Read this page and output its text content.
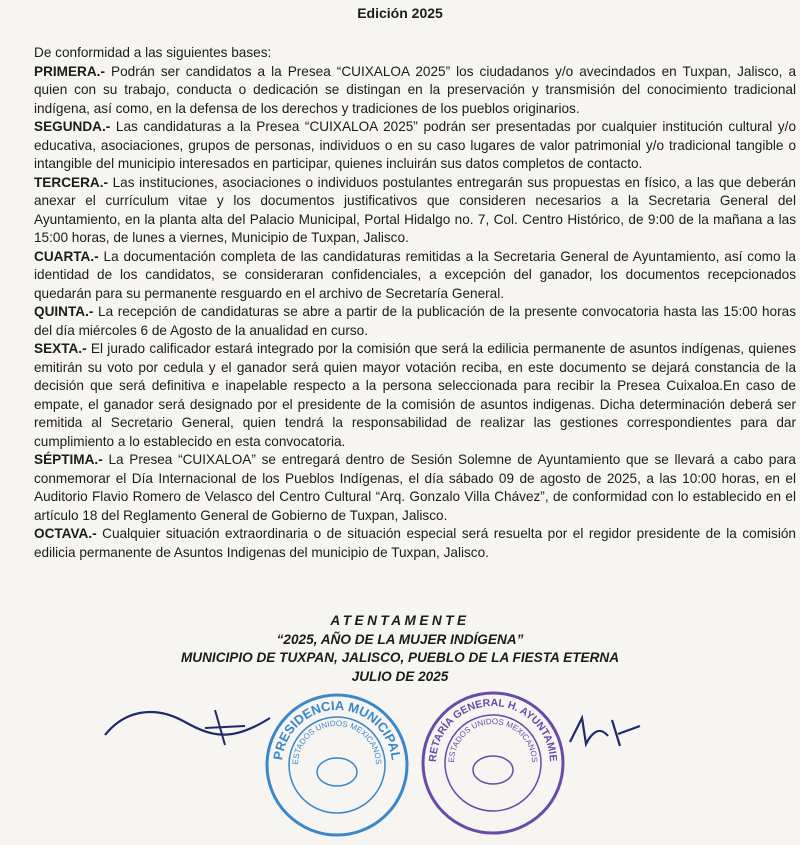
Edición 2025

De conformidad a las siguientes bases:

PRIMERA.- Podrán ser candidatos a la Presea “CUIXALOA 2025” los ciudadanos y/o avecindados en Tuxpan, Jalisco, a quien con su trabajo, conducta o dedicación se distingan en la preservación y transmisión del conocimiento tradicional indígena, así como, en la defensa de los derechos y tradiciones de los pueblos originarios.

SEGUNDA.- Las candidaturas a la Presea “CUIXALOA 2025” podrán ser presentadas por cualquier institución cultural y/o educativa, asociaciones, grupos de personas, individuos o en su caso lugares de valor patrimonial y/o tradicional tangible o intangible del municipio interesados en participar, quienes incluirán sus datos completos de contacto.

TERCERA.- Las instituciones, asociaciones o individuos postulantes entregarán sus propuestas en físico, a las que deberán anexar el currículum vitae y los documentos justificativos que consideren necesarios a la Secretaria General del Ayuntamiento, en la planta alta del Palacio Municipal, Portal Hidalgo no. 7, Col. Centro Histórico, de 9:00 de la mañana a las 15:00 horas, de lunes a viernes, Municipio de Tuxpan, Jalisco.

CUARTA.- La documentación completa de las candidaturas remitidas a la Secretaria General de Ayuntamiento, así como la identidad de los candidatos, se consideraran confidenciales, a excepción del ganador, los documentos recepcionados quedarán para su permanente resguardo en el archivo de Secretaría General.

QUINTA.- La recepción de candidaturas se abre a partir de la publicación de la presente convocatoria hasta las 15:00 horas del día miércoles 6 de Agosto de la anualidad en curso.

SEXTA.- El jurado calificador estará integrado por la comisión que será la edilicia permanente de asuntos indígenas, quienes emitirán su voto por cedula y el ganador será quien mayor votación reciba, en este documento se dejará constancia de la decisión que será definitiva e inapelable respecto a la persona seleccionada para recibir la Presea Cuixaloa.En caso de empate, el ganador será designado por el presidente de la comisión de asuntos indigenas. Dicha determinación deberá ser remitida al Secretario General, quien tendrá la responsabilidad de realizar las gestiones correspondientes para dar cumplimiento a lo establecido en esta convocatoria.

SÉPTIMA.- La Presea “CUIXALOA” se entregará dentro de Sesión Solemne de Ayuntamiento que se llevará a cabo para conmemorar el Día Internacional de los Pueblos Indígenas, el día sábado 09 de agosto de 2025, a las 10:00 horas, en el Auditorio Flavio Romero de Velasco del Centro Cultural “Arq. Gonzalo Villa Chávez”, de conformidad con lo establecido en el artículo 18 del Reglamento General de Gobierno de Tuxpan, Jalisco.

OCTAVA.- Cualquier situación extraordinaria o de situación especial será resuelta por el regidor presidente de la comisión edilicia permanente de Asuntos Indigenas del municipio de Tuxpan, Jalisco.

ATENTAMENTE
“2025, AÑO DE LA MUJER INDÍGENA”
MUNICIPIO DE TUXPAN, JALISCO, PUEBLO DE LA FIESTA ETERNA
JULIO DE 2025
PRESIDENCIA MUNICIPAL
ESTADOS UNIDOS MEXICANOS	RETARÍA GENERAL H. AYUNTAMIE
ESTADOS UNIDOS MEXICANOS
